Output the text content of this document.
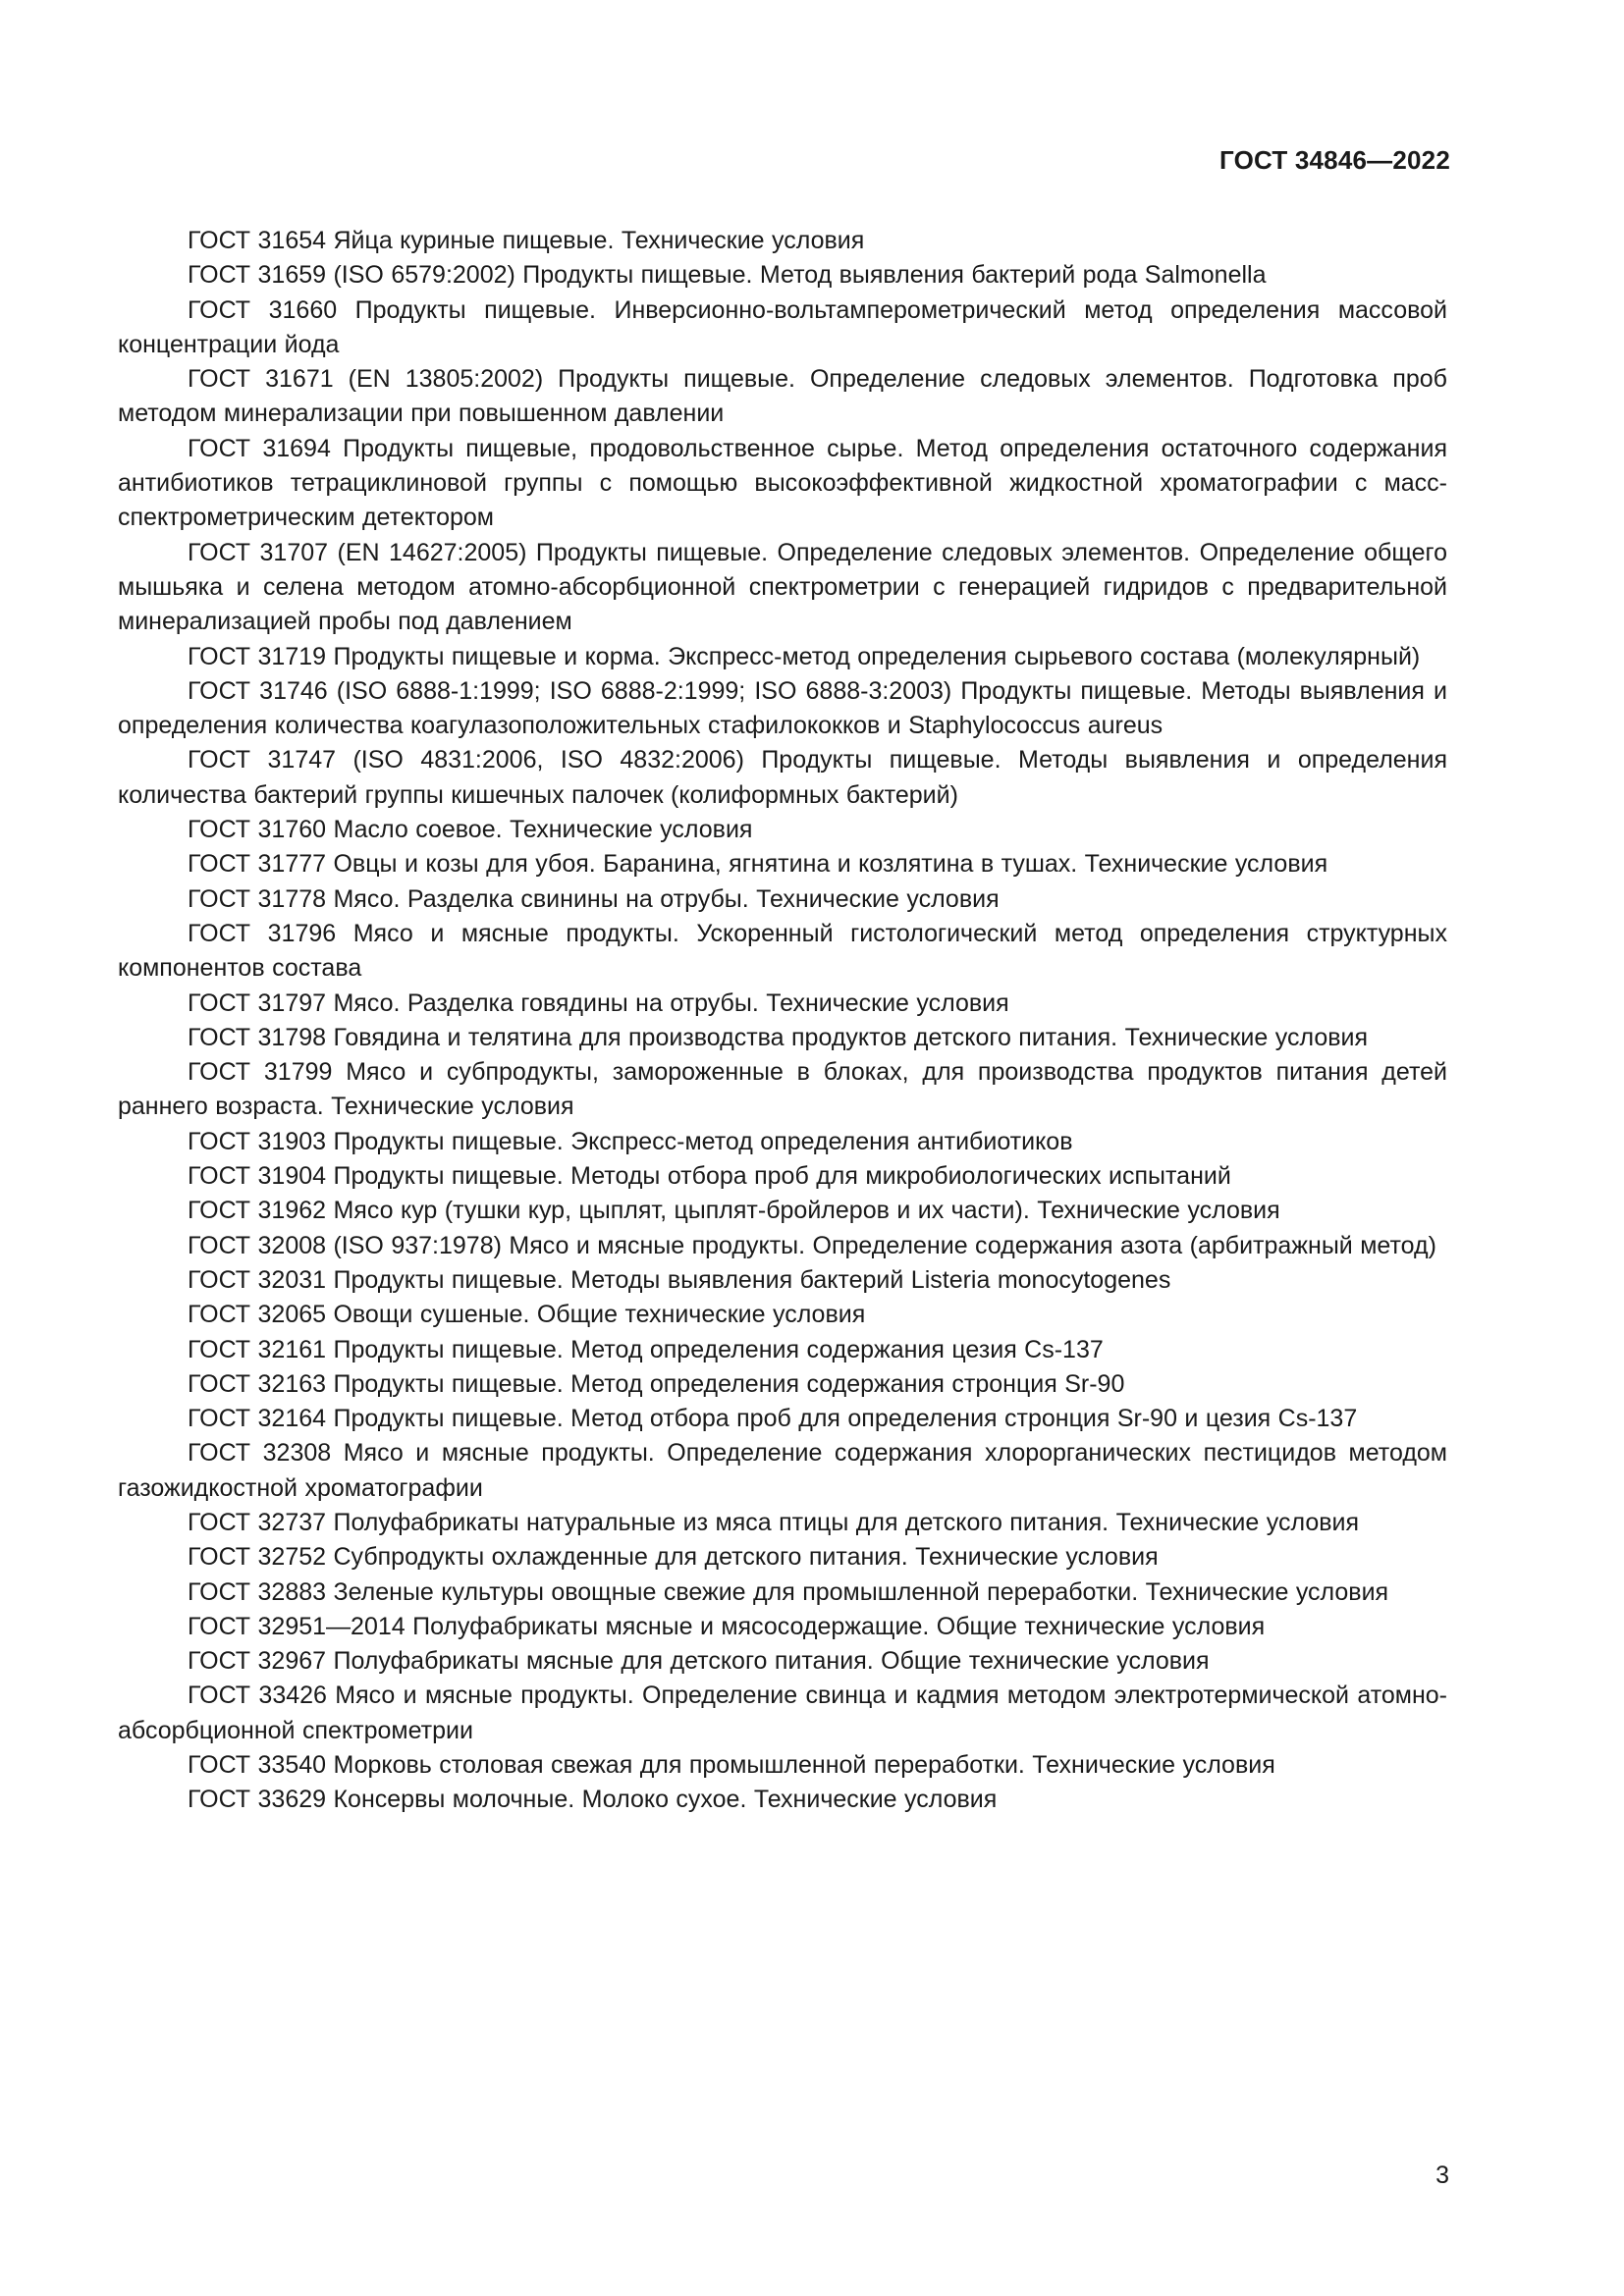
ГОСТ 34846—2022
ГОСТ 31654 Яйца куриные пищевые. Технические условия
ГОСТ 31659 (ISO 6579:2002) Продукты пищевые. Метод выявления бактерий рода Salmonella
ГОСТ 31660 Продукты пищевые. Инверсионно-вольтамперометрический метод определения массовой концентрации йода
ГОСТ 31671 (EN 13805:2002) Продукты пищевые. Определение следовых элементов. Подготовка проб методом минерализации при повышенном давлении
ГОСТ 31694 Продукты пищевые, продовольственное сырье. Метод определения остаточного содержания антибиотиков тетрациклиновой группы с помощью высокоэффективной жидкостной хроматографии с масс-спектрометрическим детектором
ГОСТ 31707 (EN 14627:2005) Продукты пищевые. Определение следовых элементов. Определение общего мышьяка и селена методом атомно-абсорбционной спектрометрии с генерацией гидридов с предварительной минерализацией пробы под давлением
ГОСТ 31719 Продукты пищевые и корма. Экспресс-метод определения сырьевого состава (молекулярный)
ГОСТ 31746 (ISO 6888-1:1999; ISO 6888-2:1999; ISO 6888-3:2003) Продукты пищевые. Методы выявления и определения количества коагулазоположительных стафилококков и Staphylococcus aureus
ГОСТ 31747 (ISO 4831:2006, ISO 4832:2006) Продукты пищевые. Методы выявления и определения количества бактерий группы кишечных палочек (колиформных бактерий)
ГОСТ 31760 Масло соевое. Технические условия
ГОСТ 31777 Овцы и козы для убоя. Баранина, ягнятина и козлятина в тушах. Технические условия
ГОСТ 31778 Мясо. Разделка свинины на отрубы. Технические условия
ГОСТ 31796 Мясо и мясные продукты. Ускоренный гистологический метод определения структурных компонентов состава
ГОСТ 31797 Мясо. Разделка говядины на отрубы. Технические условия
ГОСТ 31798 Говядина и телятина для производства продуктов детского питания. Технические условия
ГОСТ 31799 Мясо и субпродукты, замороженные в блоках, для производства продуктов питания детей раннего возраста. Технические условия
ГОСТ 31903 Продукты пищевые. Экспресс-метод определения антибиотиков
ГОСТ 31904 Продукты пищевые. Методы отбора проб для микробиологических испытаний
ГОСТ 31962 Мясо кур (тушки кур, цыплят, цыплят-бройлеров и их части). Технические условия
ГОСТ 32008 (ISO 937:1978) Мясо и мясные продукты. Определение содержания азота (арбитражный метод)
ГОСТ 32031 Продукты пищевые. Методы выявления бактерий Listeria monocytogenes
ГОСТ 32065 Овощи сушеные. Общие технические условия
ГОСТ 32161 Продукты пищевые. Метод определения содержания цезия Cs-137
ГОСТ 32163 Продукты пищевые. Метод определения содержания стронция Sr-90
ГОСТ 32164 Продукты пищевые. Метод отбора проб для определения стронция Sr-90 и цезия Cs-137
ГОСТ 32308 Мясо и мясные продукты. Определение содержания хлорорганических пестицидов методом газожидкостной хроматографии
ГОСТ 32737 Полуфабрикаты натуральные из мяса птицы для детского питания. Технические условия
ГОСТ 32752 Субпродукты охлажденные для детского питания. Технические условия
ГОСТ 32883 Зеленые культуры овощные свежие для промышленной переработки. Технические условия
ГОСТ 32951—2014 Полуфабрикаты мясные и мясосодержащие. Общие технические условия
ГОСТ 32967 Полуфабрикаты мясные для детского питания. Общие технические условия
ГОСТ 33426 Мясо и мясные продукты. Определение свинца и кадмия методом электротермической атомно-абсорбционной спектрометрии
ГОСТ 33540 Морковь столовая свежая для промышленной переработки. Технические условия
ГОСТ 33629 Консервы молочные. Молоко сухое. Технические условия
3
